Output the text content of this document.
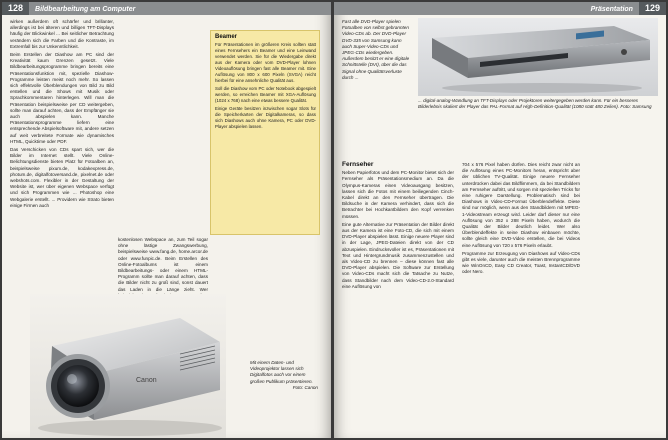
128 Bildbearbeitung am Computer

wirken außerdem oft schärfer und brillanter, allerdings ist bei älteren und billigen TFT-Displays häufig der Blickwinkel ... Bei seitlicher Betrachtung verändern sich die Farben und die Kontraste, im Extremfall bis zur Unkenntlichkeit.

Beim Erstellen der Diashow am PC sind der Kreativität kaum Grenzen gesetzt. Viele Bildbearbeitungsprogramme bringen bereits eine Präsentationsfunktion mit, spezielle Diashow-Programme leisten meist noch mehr. So lassen sich effektvolle Überblendungen von Bild zu Bild erstellen und die Shows mit Musik oder Sprachkommentaren hinterlegen. Will man die Präsentation beispielsweise per CD weitergeben, sollte man darauf achten, dass der Empfänger sie auch abspielen kann. Manche Präsentationsprogramme liefern eine entsprechende Abspielsoftware mit, andere setzen auf weit verbreitete Formate wie dynamisches HTML, Quicktime oder PDF.

Das Verschicken von CDs spart sich, wer die Bilder im Internet stellt. Viele Online-Belichtungsdienste bieten Platz für Fotoalben an, beispielsweise pixum.de, kodakexpress.de, photum.de, digitalfotoversand.de, pixelnet.de oder webshots.com. Flexibler in der Gestaltung der Website ist, wer über eigenen Webspace verfügt und sich Programmen wie ... Photoshop eine Webgalerie erstellt. ... Providern wie Strato bieten einige Firmen auch

kostenlosen Webspace an, zum Teil sogar ohne lästige Zwangswerbung, beispielsweise www.fang.de, home.arcor.de oder www.funpic.de. Beim Erstellen des Online-Fotoalbums ist einem Bildbearbeitungs- oder einem HTML-Programm sollte man darauf achten, dass die Bilder nicht zu groß sind, sonst dauert das Laden in die Länge zieht. Wer

Beamer

Für Präsentationen im größeren Kreis sollten statt eines Fernsehers ein Beamer und eine Leinwand verwendet werden. Sie für die Wiedergabe direkt aus der Kamera oder vom DVD-Player lohnen Videoauflösung bringen fast alle Beamer mit. Eine Auflösung von 800 x 600 Pixeln (SVGA) reicht hierbei für eine ansehnliche Qualität aus.

Soll die Diashow vom PC oder Notebook abgespielt werden, so erreichen Beamer mit XGA-Auflösung (1024 x 768) nach eine etwas bessere Qualität.

Einige Geräte besitzen inzwischen sogar Slots für die Speicherkarten der Digitalkameras, so dass sich Diashows auch ohne Kamera, PC oder DVD-Player abspielen lassen.

Canon
Mit einem Daten- und Videoprojektor lassen sich Digitalfotos auch vor einem großen Publikum präsentieren.

Foto: Canon
Präsentation 129
Fast alle DVD-Player spielen Fotoalben von selbst gebrannten Video-CDs ab. Der DVD-Player DVD-335 von Samsung kann auch Super-Video-CDs und JPEG-CDs wiedergeben. Außerdem besitzt er eine digitale Schnittstelle (DVI), über die das Signal ohne Qualitätsverluste durch ...
... digital-analog-Wandlung an TFT-Displays oder Projektoren weitergegeben werden kann. Für ein besseres Bilderlebnis skaliert der Player das PAL-Format auf High-Definition-Qualität (1080 statt 480 Zeilen). Foto: Samsung
Fernseher

Neben Papierfotos und dem PC-Monitor bietet sich der Fernseher als Präsentationsmedium an. Da die Olympus-Kameras einen Videoausgang besitzen, lassen sich die Fotos mit einem beiliegenden Cinch-Kabel direkt an den Fernseher übertragen. Die Bildsuche in der Kamera verhindert, dass sich die Betrachter bei Hochkantbildern den Kopf verrenken müssen.

Eine gute Alternative zur Präsentation der Bilder direkt aus der Kamera ist eine Foto-CD, die sich mit einem DVD-Player abspielen lässt. Einige neuere Player sind in der Lage, JPEG-Dateien direkt von der CD abzuspielen. Eindrucksvoller ist es, Präsentationen mit Text und Hintergrundmusik zusammenzustellen und als Video-CD zu brennen – diese können fast alle DVD-Player abspielen. Die Software zur Erstellung von Video-CDs macht sich die Tatsache zu Nutze, dass Standbilder nach dem Video-CD-2.0-Standard eine Auflösung von

704 x 576 Pixel haben dürfen. Dies reicht zwar nicht an die Auflösung eines PC-Monitors heran, entspricht aber der üblichen TV-Qualität. Einige neuere Fernseher unterdrücken dabei das Bildflimmern, da bei Standbildern am Fernseher auftritt, und sorgen mit speziellen Tricks für eine ruhigere Darstellung. Problematisch sind bei Diashows in Video-CD-Format Überblendeffekte. Diese sind nur möglich, wenn aus den Standbildern mit MPEG-1-Videostream erzeugt wird. Leider darf dieser nur eine Auflösung von 352 x 288 Pixeln haben, wodurch die Qualität der Bilder deutlich leidet. Wer also Überblendeffekte in seine Diashow einbauen möchte, sollte gleich eine DVD-Video erstellen, die bei Videos eine Auflösung von 720 x 576 Pixeln erlaubt.

Programme zur Erzeugung von Diashows auf Video-CDs gibt es viele, darunter auch die meisten Brennprogramme wie WinOnCD, Easy CD Creator, Toast, InstantCD/DVD oder Nero.
